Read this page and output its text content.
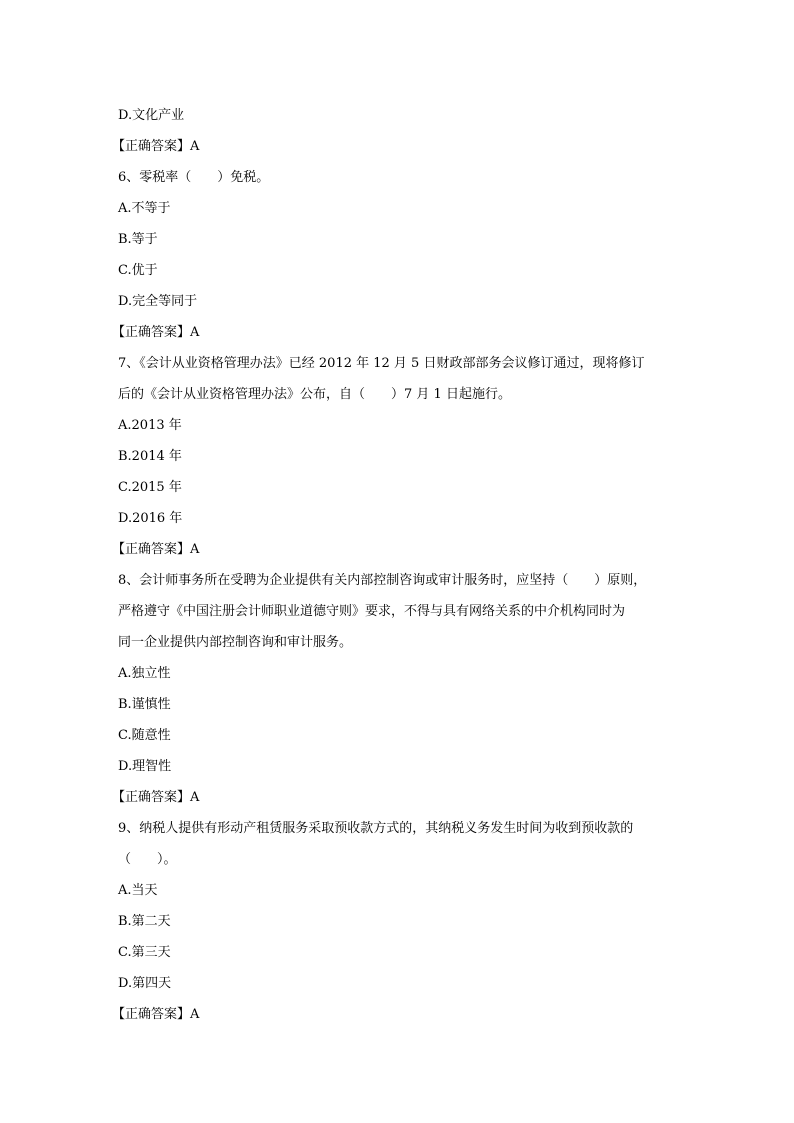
D.文化产业
【正确答案】A
6、零税率（　　）免税。
A.不等于
B.等于
C.优于
D.完全等同于
【正确答案】A
7、《会计从业资格管理办法》已经 2012 年 12 月 5 日财政部部务会议修订通过，现将修订
后的《会计从业资格管理办法》公布，自（　　）7 月 1 日起施行。
A.2013 年
B.2014 年
C.2015 年
D.2016 年
【正确答案】A
8、会计师事务所在受聘为企业提供有关内部控制咨询或审计服务时，应坚持（　　）原则，
严格遵守《中国注册会计师职业道德守则》要求，不得与具有网络关系的中介机构同时为
同一企业提供内部控制咨询和审计服务。
A.独立性
B.谨慎性
C.随意性
D.理智性
【正确答案】A
9、纳税人提供有形动产租赁服务采取预收款方式的，其纳税义务发生时间为收到预收款的
（　　）。
A.当天
B.第二天
C.第三天
D.第四天
【正确答案】A
